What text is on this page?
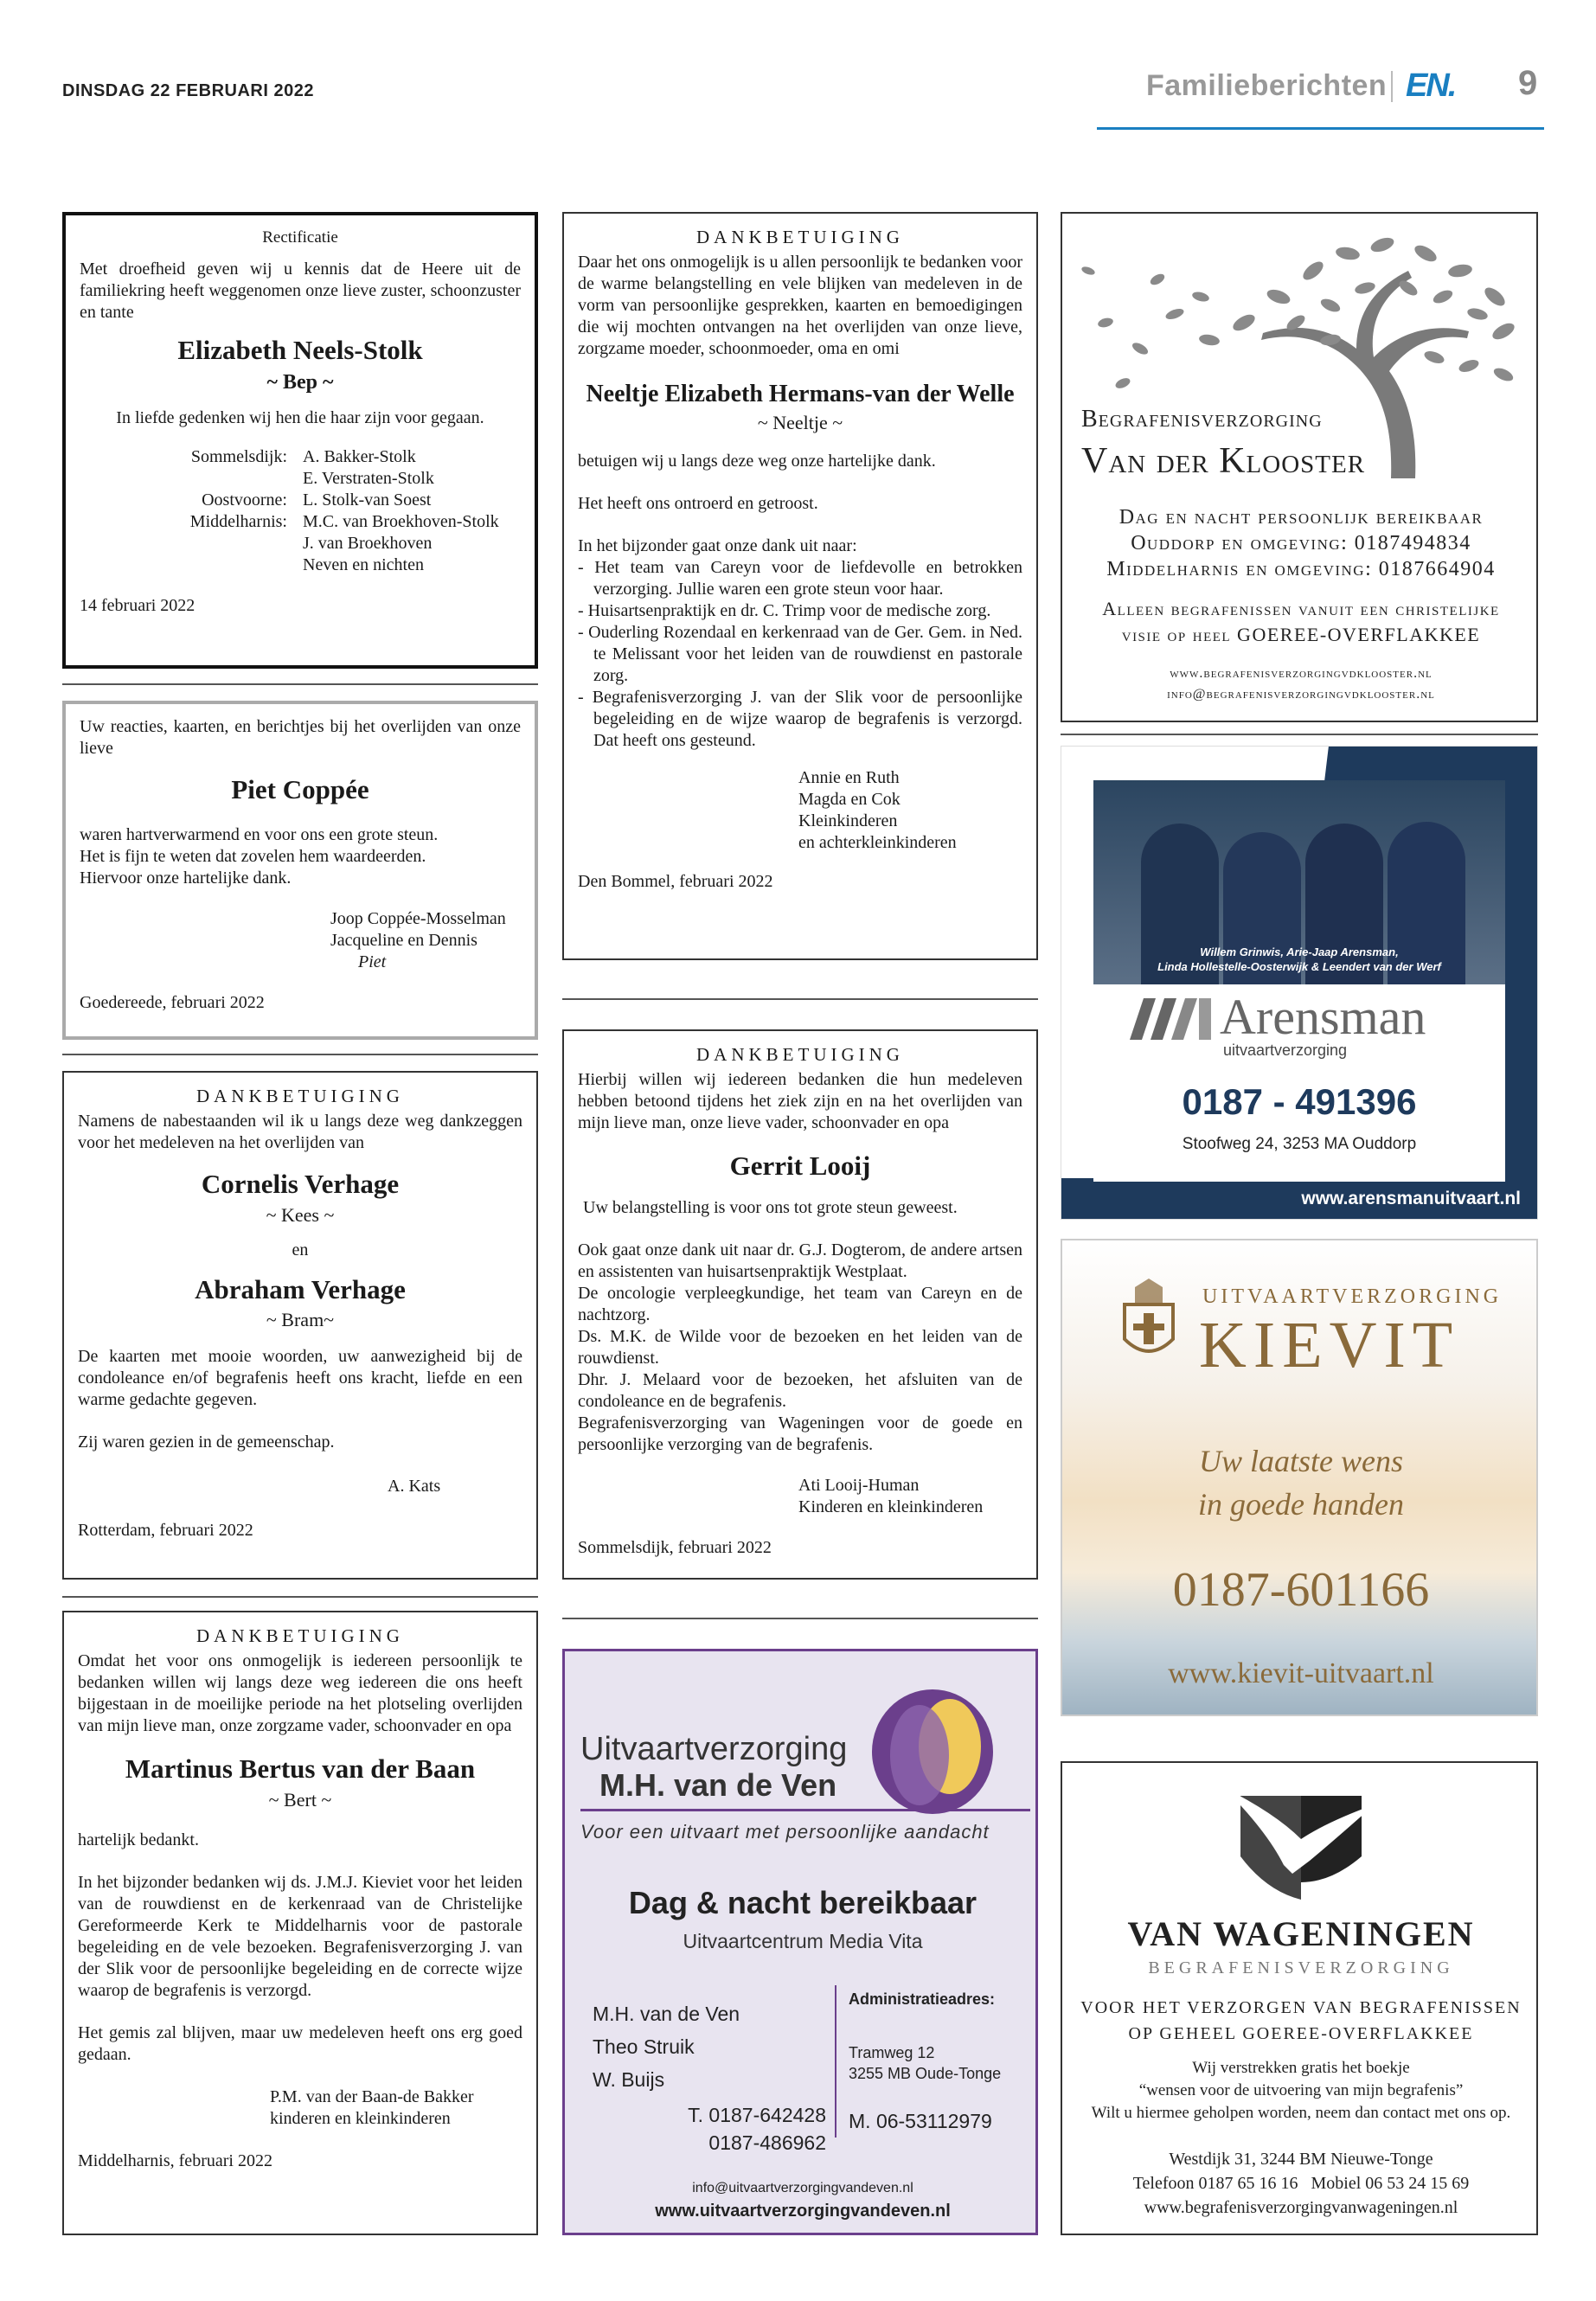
DINSDAG 22 FEBRUARI 2022	Familieberichten EN. 9
Rectificatie

Met droefheid geven wij u kennis dat de Heere uit de familiekring heeft weggenomen onze lieve zuster, schoonzuster en tante

Elizabeth Neels-Stolk
~ Bep ~

In liefde gedenken wij hen die haar zijn voor gegaan.

Sommelsdijk: A. Bakker-Stolk
E. Verstraten-Stolk
Oostvoorne: L. Stolk-van Soest
Middelharnis: M.C. van Broekhoven-Stolk
J. van Broekhoven
Neven en nichten

14 februari 2022

Uw reacties, kaarten, en berichtjes bij het overlijden van onze lieve

Piet Coppée

waren hartverwarmend en voor ons een grote steun.

Het is fijn te weten dat zovelen hem waardeerden.

Hiervoor onze hartelijke dank.

Joop Coppée-Mosselman

Jacqueline en Dennis

Piet

Goedereede, februari 2022

DANKBETUIGING

Namens de nabestaanden wil ik u langs deze weg dankzeggen voor het medeleven na het overlijden van

Cornelis Verhage
~ Kees ~

en

Abraham Verhage
~ Bram~

De kaarten met mooie woorden, uw aanwezigheid bij de condoleance en/of begrafenis heeft ons kracht, liefde en een warme gedachte gegeven.

Zij waren gezien in de gemeenschap.

A. Kats

Rotterdam, februari 2022

DANKBETUIGING

Omdat het voor ons onmogelijk is iedereen persoonlijk te bedanken willen wij langs deze weg iedereen die ons heeft bijgestaan in de moeilijke periode na het plotseling overlijden van mijn lieve man, onze zorgzame vader, schoonvader en opa

Martinus Bertus van der Baan
~ Bert ~

hartelijk bedankt.

In het bijzonder bedanken wij ds. J.M.J. Kieviet voor het leiden van de rouwdienst en de kerkenraad van de Christelijke Gereformeerde Kerk te Middelharnis voor de pastorale begeleiding en de vele bezoeken. Begrafenisverzorging J. van der Slik voor de persoonlijke begeleiding en de correcte wijze waarop de begrafenis is verzorgd.

Het gemis zal blijven, maar uw medeleven heeft ons erg goed gedaan.

P.M. van der Baan-de Bakker

kinderen en kleinkinderen

Middelharnis, februari 2022

DANKBETUIGING

Daar het ons onmogelijk is u allen persoonlijk te bedanken voor de warme belangstelling en vele blijken van medeleven in de vorm van persoonlijke gesprekken, kaarten en bemoedigingen die wij mochten ontvangen na het overlijden van onze lieve, zorgzame moeder, schoonmoeder, oma en omi

Neeltje Elizabeth Hermans-van der Welle
~ Neeltje ~

betuigen wij u langs deze weg onze hartelijke dank.

Het heeft ons ontroerd en getroost.

In het bijzonder gaat onze dank uit naar:

- Het team van Careyn voor de liefdevolle en betrokken verzorging. Jullie waren een grote steun voor haar.
- Huisartsenpraktijk en dr. C. Trimp voor de medische zorg.
- Ouderling Rozendaal en kerkenraad van de Ger. Gem. in Ned. te Melissant voor het leiden van de rouwdienst en pastorale zorg.
- Begrafenisverzorging J. van der Slik voor de persoonlijke begeleiding en de wijze waarop de begrafenis is verzorgd. Dat heeft ons gesteund.

Annie en Ruth

Magda en Cok

Kleinkinderen

en achterkleinkinderen

Den Bommel, februari 2022

DANKBETUIGING

Hierbij willen wij iedereen bedanken die hun medeleven hebben betoond tijdens het ziek zijn en na het overlijden van mijn lieve man, onze lieve vader, schoonvader en opa

Gerrit Looij

Uw belangstelling is voor ons tot grote steun geweest.

Ook gaat onze dank uit naar dr. G.J. Dogterom, de andere artsen en assistenten van huisartsenpraktijk Westplaat.

De oncologie verpleegkundige, het team van Careyn en de nachtzorg.

Ds. M.K. de Wilde voor de bezoeken en het leiden van de rouwdienst.

Dhr. J. Melaard voor de bezoeken, het afsluiten van de condoleance en de begrafenis.

Begrafenisverzorging van Wageningen voor de goede en persoonlijke verzorging van de begrafenis.

Ati Looij-Human

Kinderen en kleinkinderen

Sommelsdijk, februari 2022

Uitvaartverzorging
M.H. van de Ven
Voor een uitvaart met persoonlijke aandacht
Dag & nacht bereikbaar
Uitvaartcentrum Media Vita
M.H. van de Ven
Theo Struik
W. Buijs
T. 0187-642428
0187-486962
Administratieadres:
Tramweg 12
3255 MB Oude-Tonge
M. 06-53112979
info@uitvaartverzorgingvandeven.nl
www.uitvaartverzorgingvandeven.nl
Begrafenisverzorging
Van der Klooster
Dag en nacht persoonlijk bereikbaar
Ouddorp en omgeving: 0187494834
Middelharnis en omgeving: 0187664904
Alleen begrafenissen vanuit een christelijke
visie op heel GOEREE-OVERFLAKKEE
www.begrafenisverzorgingvdklooster.nl
info@begrafenisverzorgingvdklooster.nl
Willem Grinwis, Arie-Jaap Arensman,
Linda Hollestelle-Oosterwijk & Leendert van der Werf
Arensman
uitvaartverzorging
0187 - 491396
Stoofweg 24, 3253 MA Ouddorp
www.arensmanuitvaart.nl
UITVAARTVERZORGING
KIEVIT
Uw laatste wens
in goede handen
0187-601166
www.kievit-uitvaart.nl
VAN WAGENINGEN
BEGRAFENISVERZORGING
VOOR HET VERZORGEN VAN BEGRAFENISSEN
OP GEHEEL GOEREE-OVERFLAKKEE
Wij verstrekken gratis het boekje
“wensen voor de uitvoering van mijn begrafenis”
Wilt u hiermee geholpen worden, neem dan contact met ons op.
Westdijk 31, 3244 BM Nieuwe-Tonge
Telefoon 0187 65 16 16   Mobiel 06 53 24 15 69
www.begrafenisverzorgingvanwageningen.nl
